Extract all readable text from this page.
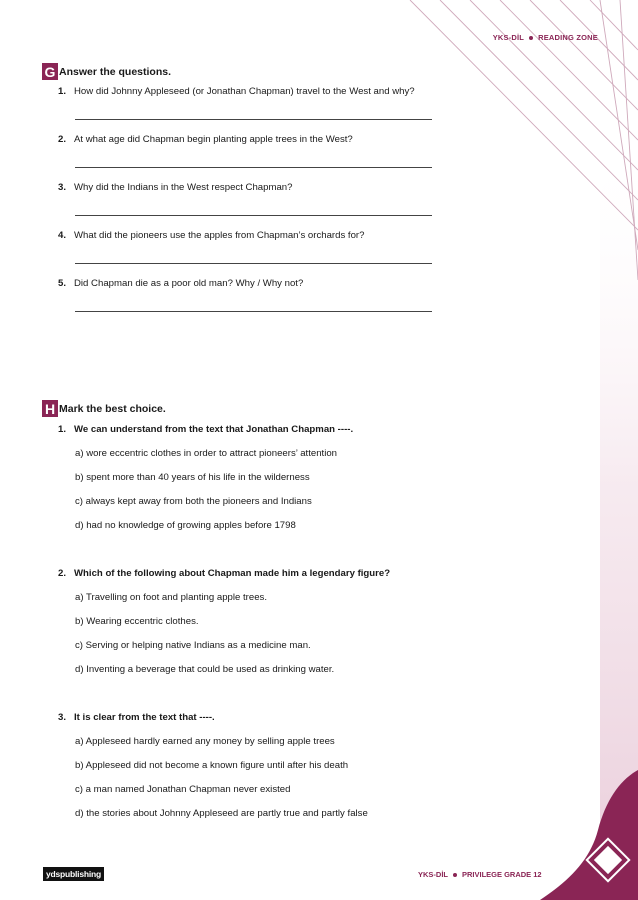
YKS-DİL READING ZONE
G Answer the questions.
1. How did Johnny Appleseed (or Jonathan Chapman) travel to the West and why?
2. At what age did Chapman begin planting apple trees in the West?
3. Why did the Indians in the West respect Chapman?
4. What did the pioneers use the apples from Chapman’s orchards for?
5. Did Chapman die as a poor old man? Why / Why not?
H Mark the best choice.
1. We can understand from the text that Jonathan Chapman ----.
a) wore eccentric clothes in order to attract pioneers’ attention
b) spent more than 40 years of his life in the wilderness
c) always kept away from both the pioneers and Indians
d) had no knowledge of growing apples before 1798
2. Which of the following about Chapman made him a legendary figure?
a) Travelling on foot and planting apple trees.
b) Wearing eccentric clothes.
c) Serving or helping native Indians as a medicine man.
d) Inventing a beverage that could be used as drinking water.
3. It is clear from the text that ----.
a) Appleseed hardly earned any money by selling apple trees
b) Appleseed did not become a known figure until after his death
c) a man named Jonathan Chapman never existed
d) the stories about Johnny Appleseed are partly true and partly false
ydspublishing	YKS-DİL PRIVILEGE GRADE 12
